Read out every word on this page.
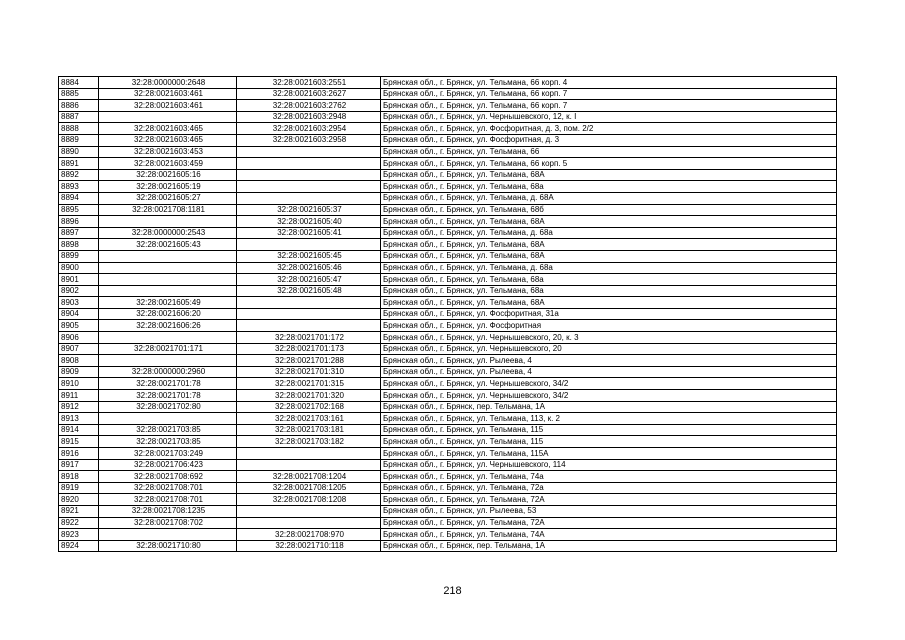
8884	32:28:0000000:2648	32:28:0021603:2551	Брянская обл., г. Брянск, ул. Тельмана, 66 корп. 4
8885	32:28:0021603:461	32:28:0021603:2627	Брянская обл., г. Брянск, ул. Тельмана, 66 корп. 7
8886	32:28:0021603:461	32:28:0021603:2762	Брянская обл., г. Брянск, ул. Тельмана, 66 корп. 7
8887		32:28:0021603:2948	Брянская обл., г. Брянск, ул. Чернышевского, 12, к. I
8888	32:28:0021603:465	32:28:0021603:2954	Брянская обл., г. Брянск, ул. Фосфоритная, д. 3, пом. 2/2
8889	32:28:0021603:465	32:28:0021603:2958	Брянская обл., г. Брянск, ул. Фосфоритная, д. 3
8890	32:28:0021603:453		Брянская обл., г. Брянск, ул. Тельмана, 66
8891	32:28:0021603:459		Брянская обл., г. Брянск, ул. Тельмана, 66 корп. 5
8892	32:28:0021605:16		Брянская обл., г. Брянск, ул. Тельмана, 68А
8893	32:28:0021605:19		Брянская обл., г. Брянск, ул. Тельмана, 68а
8894	32:28:0021605:27		Брянская обл., г. Брянск, ул. Тельмана, д. 68А
8895	32:28:0021708:1181	32:28:0021605:37	Брянская обл., г. Брянск, ул. Тельмана, 68б
8896		32:28:0021605:40	Брянская обл., г. Брянск, ул. Тельмана, 68А
8897	32:28:0000000:2543	32:28:0021605:41	Брянская обл., г. Брянск, ул. Тельмана, д. 68а
8898	32:28:0021605:43		Брянская обл., г. Брянск, ул. Тельмана, 68А
8899		32:28:0021605:45	Брянская обл., г. Брянск, ул. Тельмана, 68А
8900		32:28:0021605:46	Брянская обл., г. Брянск, ул. Тельмана, д. 68а
8901		32:28:0021605:47	Брянская обл., г. Брянск, ул. Тельмана, 68а
8902		32:28:0021605:48	Брянская обл., г. Брянск, ул. Тельмана, 68а
8903	32:28:0021605:49		Брянская обл., г. Брянск, ул. Тельмана, 68А
8904	32:28:0021606:20		Брянская обл., г. Брянск, ул. Фосфоритная, 31а
8905	32:28:0021606:26		Брянская обл., г. Брянск, ул. Фосфоритная
8906		32:28:0021701:172	Брянская обл., г. Брянск, ул. Чернышевского, 20, к. 3
8907	32:28:0021701:171	32:28:0021701:173	Брянская обл., г. Брянск, ул. Чернышевского, 20
8908		32:28:0021701:288	Брянская обл., г. Брянск, ул. Рылеева, 4
8909	32:28:0000000:2960	32:28:0021701:310	Брянская обл., г. Брянск, ул. Рылеева, 4
8910	32:28:0021701:78	32:28:0021701:315	Брянская обл., г. Брянск, ул. Чернышевского, 34/2
8911	32:28:0021701:78	32:28:0021701:320	Брянская обл., г. Брянск, ул. Чернышевского, 34/2
8912	32:28:0021702:80	32:28:0021702:168	Брянская обл., г. Брянск, пер. Тельмана, 1А
8913		32:28:0021703:161	Брянская обл., г. Брянск, ул. Тельмана, 113, к. 2
8914	32:28:0021703:85	32:28:0021703:181	Брянская обл., г. Брянск, ул. Тельмана, 115
8915	32:28:0021703:85	32:28:0021703:182	Брянская обл., г. Брянск, ул. Тельмана, 115
8916	32:28:0021703:249		Брянская обл., г. Брянск, ул. Тельмана, 115А
8917	32:28:0021706:423		Брянская обл., г. Брянск, ул. Чернышевского, 114
8918	32:28:0021708:692	32:28:0021708:1204	Брянская обл., г. Брянск, ул. Тельмана, 74а
8919	32:28:0021708:701	32:28:0021708:1205	Брянская обл., г. Брянск, ул. Тельмана, 72а
8920	32:28:0021708:701	32:28:0021708:1208	Брянская обл., г. Брянск, ул. Тельмана, 72А
8921	32:28:0021708:1235		Брянская обл., г. Брянск, ул. Рылеева, 53
8922	32:28:0021708:702		Брянская обл., г. Брянск, ул. Тельмана, 72А
8923		32:28:0021708:970	Брянская обл., г. Брянск, ул. Тельмана, 74А
8924	32:28:0021710:80	32:28:0021710:118	Брянская обл., г. Брянск, пер. Тельмана, 1А
218
